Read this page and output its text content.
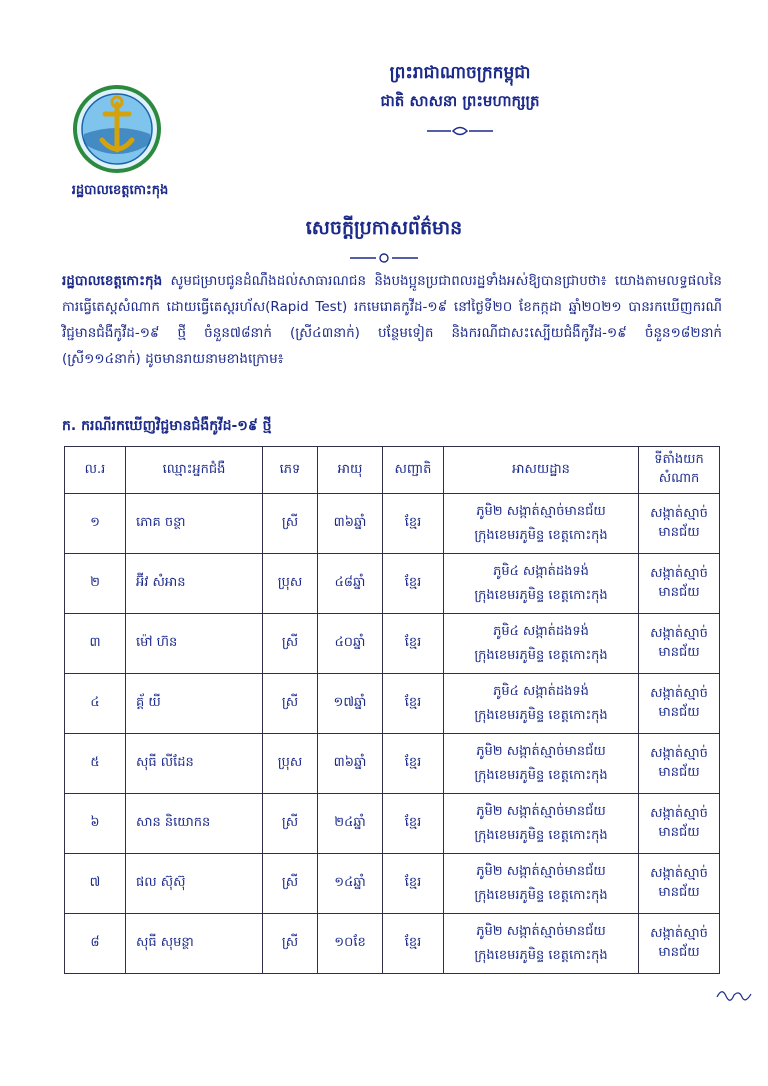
ព្រះរាជាណាចក្រកម្ពុជា
ជាតិ សាសនា ព្រះមហាក្សត្រ
រដ្ឋបាលខេត្តកោះកុង
សេចក្ដីប្រកាសព័ត៌មាន
រដ្ឋបាលខេត្តកោះកុង សូមជម្រាបជូនដំណឹងដល់សាធារណជន និងបងប្អូនប្រជាពលរដ្ឋទាំងអស់ឱ្យបានជ្រាបថា៖ យោងតាមលទ្ធផលនៃការធ្វើតេស្តសំណាក ដោយធ្វើតេស្តរហ័ស(Rapid Test) រកមេរោគកូវីដ-១៩ នៅថ្ងៃទី២០ ខែកក្កដា ឆ្នាំ២០២១ បានរកឃើញករណីវិជ្ជមានជំងឺកូវីដ-១៩ ថ្មី ចំនួន៧៨នាក់ (ស្រី៤៣នាក់) បន្ថែមទៀត និងករណីជាសះស្បើយជំងឺកូវីដ-១៩ ចំនួន១៨២នាក់ (ស្រី១១៤នាក់) ដូចមានរាយនាមខាងក្រោម៖
ក. ករណីរកឃើញវិជ្ជមានជំងឺកូវីដ-១៩ ថ្មី
ល.រ	ឈ្មោះអ្នកជំងឺ	ភេទ	អាយុ	សញ្ជាតិ	អាសយដ្ឋាន	ទីតាំងយកសំណាក
១	ភោគ ចន្ថា	ស្រី	៣៦ឆ្នាំ	ខ្មែរ	ភូមិ២ សង្កាត់ស្មាច់មានជ័យ
ក្រុងខេមរភូមិន្ទ ខេត្តកោះកុង	សង្កាត់ស្មាច់មានជ័យ
២	អ៊ីវ សំអាន	ប្រុស	៤៨ឆ្នាំ	ខ្មែរ	ភូមិ៤ សង្កាត់ដងទង់
ក្រុងខេមរភូមិន្ទ ខេត្តកោះកុង	សង្កាត់ស្មាច់មានជ័យ
៣	ម៉ៅ ហ៊ន	ស្រី	៤០ឆ្នាំ	ខ្មែរ	ភូមិ៤ សង្កាត់ដងទង់
ក្រុងខេមរភូមិន្ទ ខេត្តកោះកុង	សង្កាត់ស្មាច់មានជ័យ
៤	គ័្ត យី	ស្រី	១៧ឆ្នាំ	ខ្មែរ	ភូមិ៤ សង្កាត់ដងទង់
ក្រុងខេមរភូមិន្ទ ខេត្តកោះកុង	សង្កាត់ស្មាច់មានជ័យ
៥	សុធី លីដែន	ប្រុស	៣៦ឆ្នាំ	ខ្មែរ	ភូមិ២ សង្កាត់ស្មាច់មានជ័យ
ក្រុងខេមរភូមិន្ទ ខេត្តកោះកុង	សង្កាត់ស្មាច់មានជ័យ
៦	សាន និយោកន	ស្រី	២៤ឆ្នាំ	ខ្មែរ	ភូមិ២ សង្កាត់ស្មាច់មានជ័យ
ក្រុងខេមរភូមិន្ទ ខេត្តកោះកុង	សង្កាត់ស្មាច់មានជ័យ
៧	ផល ស៊ុស៊ុ	ស្រី	១៤ឆ្នាំ	ខ្មែរ	ភូមិ២ សង្កាត់ស្មាច់មានជ័យ
ក្រុងខេមរភូមិន្ទ ខេត្តកោះកុង	សង្កាត់ស្មាច់មានជ័យ
៨	សុធី សុមន្ថា	ស្រី	១០ខែ	ខ្មែរ	ភូមិ២ សង្កាត់ស្មាច់មានជ័យ
ក្រុងខេមរភូមិន្ទ ខេត្តកោះកុង	សង្កាត់ស្មាច់មានជ័យ
